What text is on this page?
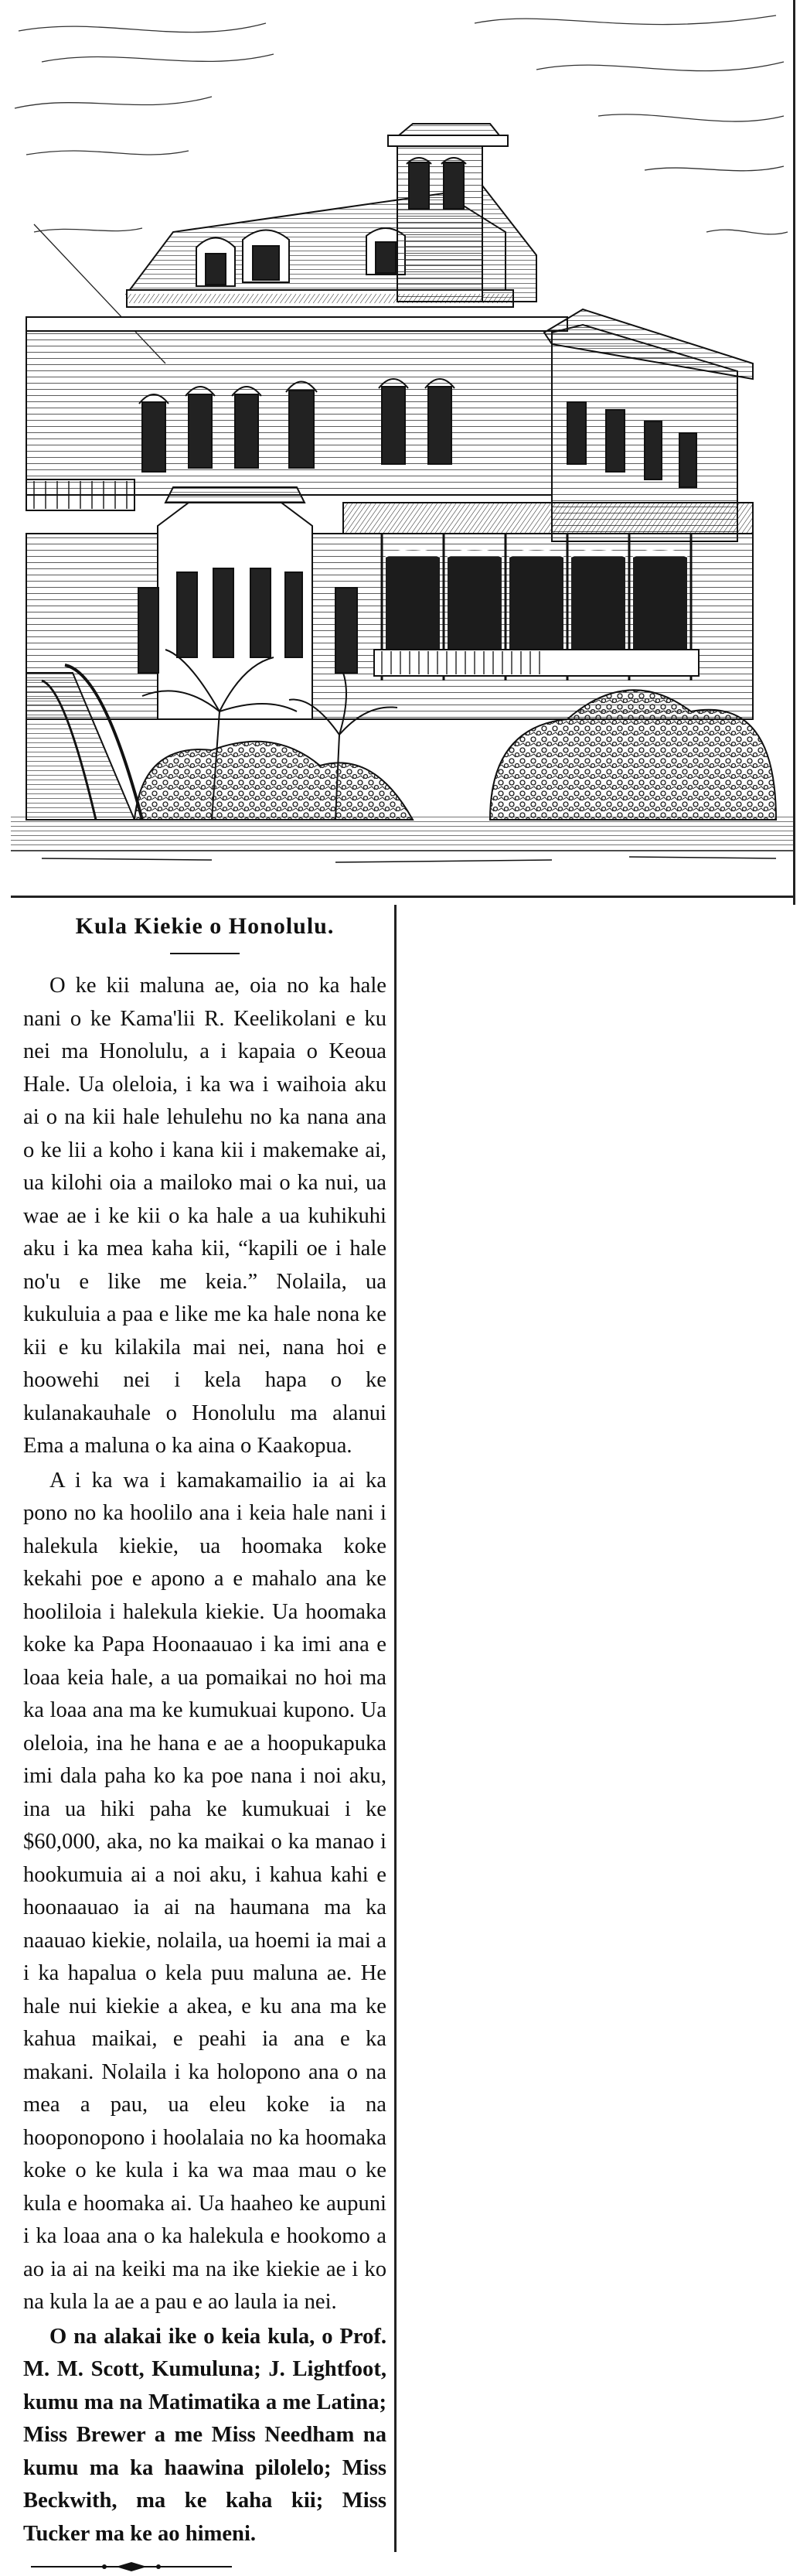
Kula Kiekie o Honolulu.

O ke kii maluna ae, oia no ka hale nani o ke Kama'lii R. Keelikolani e ku nei ma Honolulu, a i kapaia o Keoua Hale. Ua oleloia, i ka wa i waihoia aku ai o na kii hale lehulehu no ka nana ana o ke lii a koho i kana kii i makemake ai, ua kilohi oia a mailoko mai o ka nui, ua wae ae i ke kii o ka hale a ua kuhikuhi aku i ka mea kaha kii, “kapili oe i hale no'u e like me keia.” Nolaila, ua kukuluia a paa e like me ka hale nona ke kii e ku kilakila mai nei, nana hoi e hoowehi nei i kela hapa o ke kulanakauhale o Honolulu ma alanui Ema a maluna o ka aina o Kaakopua.

A i ka wa i kamakamailio ia ai ka pono no ka hoolilo ana i keia hale nani i halekula kiekie, ua hoomaka koke kekahi poe e apono a e mahalo ana ke hooliloia i halekula kiekie. Ua hoomaka koke ka Papa Hoonaauao i ka imi ana e loaa keia hale, a ua pomaikai no hoi ma ka loaa ana ma ke kumukuai kupono. Ua oleloia, ina he hana e ae a hoopukapuka imi dala paha ko ka poe nana i noi aku, ina ua hiki paha ke kumukuai i ke $60,000, aka, no ka maikai o ka manao i hookumuia ai a noi aku, i kahua kahi e hoonaauao ia ai na haumana ma ka naauao kiekie, nolaila, ua hoemi ia mai a i ka hapalua o kela puu maluna ae. He hale nui kiekie a akea, e ku ana ma ke kahua maikai, e peahi ia ana e ka makani. Nolaila i ka holopono ana o na mea a pau, ua eleu koke ia na hooponopono i hoolalaia no ka hoomaka koke o ke kula i ka wa maa mau o ke kula e hoomaka ai. Ua haaheo ke aupuni i ka loaa ana o ka halekula e hookomo a ao ia ai na keiki ma na ike kiekie ae i ko na kula la ae a pau e ao laula ia nei.

O na alakai ike o keia kula, o Prof. M. M. Scott, Kumuluna; J. Lightfoot, kumu ma na Matimatika a me Latina; Miss Brewer a me Miss Needham na kumu ma ka haawina pilolelo; Miss Beckwith, ma ke kaha kii; Miss Tucker ma ke ao himeni.
